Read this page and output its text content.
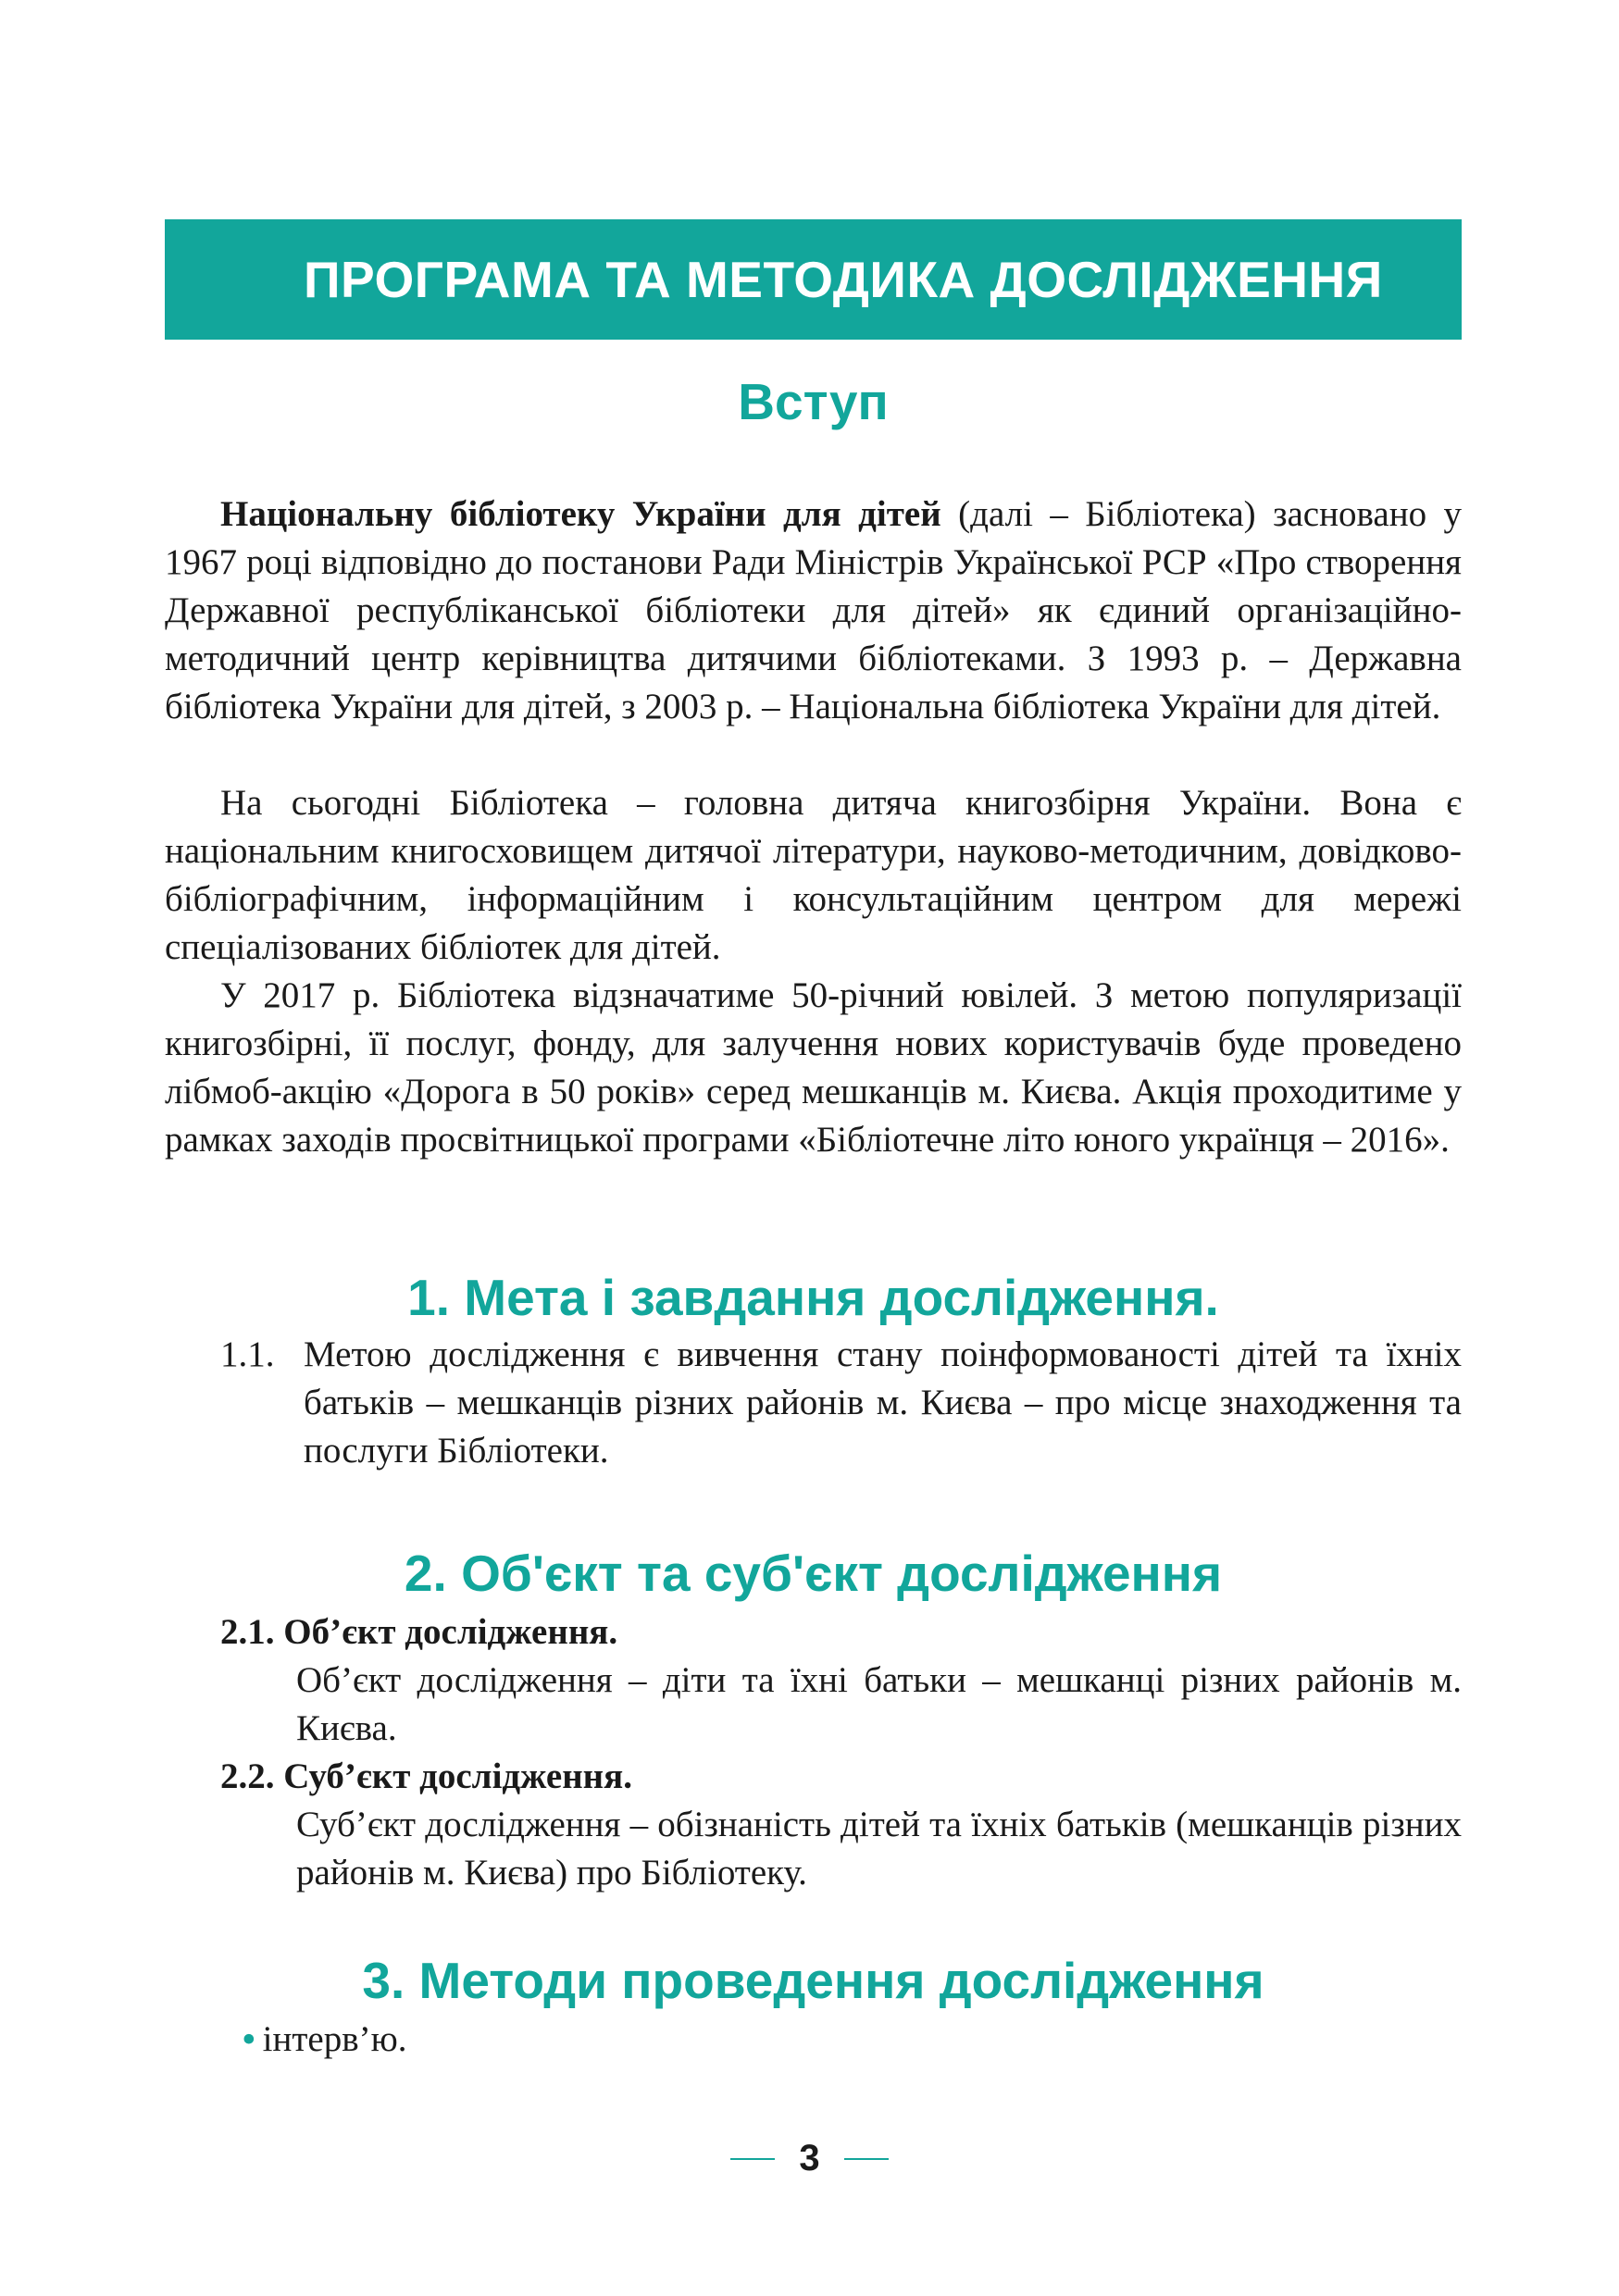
ПРОГРАМА ТА МЕТОДИКА ДОСЛІДЖЕННЯ
Вступ

Національну бібліотеку України для дітей (далі – Бібліотека) засновано у 1967 році відповідно до постанови Ради Міністрів Української РСР «Про створення Державної республіканської бібліотеки для дітей» як єдиний організаційно-методичний центр керівництва дитячими бібліотеками. З 1993 р. – Державна бібліотека України для дітей, з 2003 р. – Національна бібліотека України для дітей.

На сьогодні Бібліотека – головна дитяча книгозбірня України. Вона є національним книгосховищем дитячої літератури, науково-методичним, довідково-бібліографічним, інформаційним і консультаційним центром для мережі спеціалізованих бібліотек для дітей.

У 2017 р. Бібліотека відзначатиме 50-річний ювілей. З метою популяризації книгозбірні, її послуг, фонду, для залучення нових користувачів буде проведено лібмоб-акцію «Дорога в 50 років» серед мешканців м. Києва. Акція проходитиме у рамках заходів просвітницької програми «Бібліотечне літо юного українця – 2016».

1. Мета і завдання дослідження.
1.1. Метою дослідження є вивчення стану поінформованості дітей та їхніх батьків – мешканців різних районів м. Києва – про місце знаходження та послуги Бібліотеки.
2. Об'єкт та суб'єкт дослідження
2.1. Об’єкт дослідження.
Об’єкт дослідження – діти та їхні батьки – мешканці різних районів м. Києва.
2.2. Суб’єкт дослідження.
Суб’єкт дослідження – обізнаність дітей та їхніх батьків (мешканців різних районів м. Києва) про Бібліотеку.
3. Методи проведення дослідження
• інтерв’ю.
3
